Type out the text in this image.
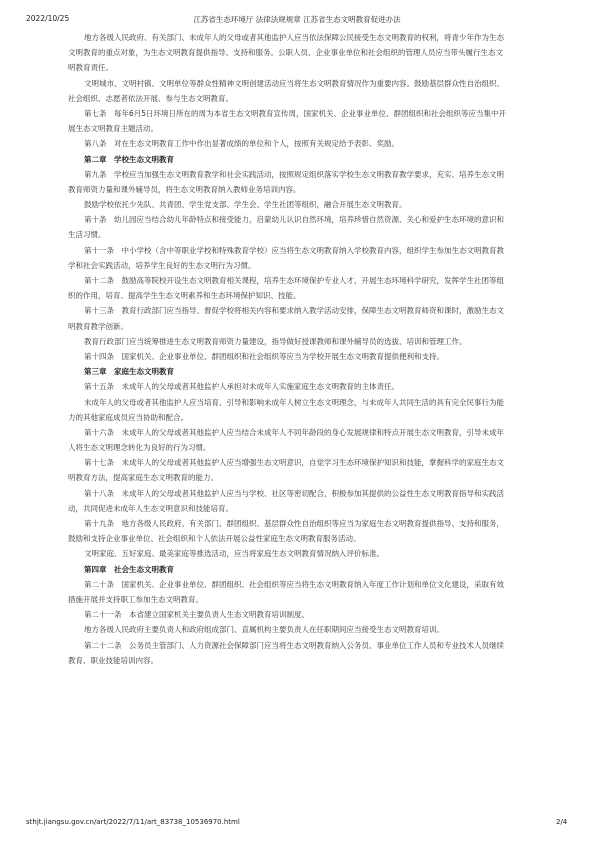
2022/10/25	江苏省生态环境厅 法律法规规章 江苏省生态文明教育促进办法
地方各级人民政府、有关部门、未成年人的父母或者其他监护人应当依法保障公民接受生态文明教育的权利，将青少年作为生态
文明教育的重点对象，为生态文明教育提供指导、支持和服务。公职人员、企业事业单位和社会组织的管理人员应当带头履行生态文
明教育责任。
文明城市、文明村镇、文明单位等群众性精神文明创建活动应当将生态文明教育情况作为重要内容。鼓励基层群众性自治组织、
社会组织、志愿者依法开展、参与生态文明教育。
第七条　每年6月5日环境日所在的周为本省生态文明教育宣传周，国家机关、企业事业单位、群团组织和社会组织等应当集中开
展生态文明教育主题活动。
第八条　对在生态文明教育工作中作出显著成绩的单位和个人，按照有关规定给予表彰、奖励。
第二章　学校生态文明教育
第九条　学校应当加强生态文明教育教学和社会实践活动，按照规定组织落实学校生态文明教育教学要求，充实、培养生态文明
教育师资力量和课外辅导员，将生态文明教育纳入教师业务培训内容。
鼓励学校依托少先队、共青团、学生党支部、学生会、学生社团等组织，融合开展生态文明教育。
第十条　幼儿园应当结合幼儿年龄特点和接受能力，启蒙幼儿认识自然环境，培养珍惜自然资源、关心和爱护生态环境的意识和
生活习惯。
第十一条　中小学校（含中等职业学校和特殊教育学校）应当将生态文明教育纳入学校教育内容，组织学生参加生态文明教育教
学和社会实践活动，培养学生良好的生态文明行为习惯。
第十二条　鼓励高等院校开设生态文明教育相关课程，培养生态环境保护专业人才，开展生态环境科学研究，发挥学生社团等组
织的作用，培育、提高学生生态文明素养和生态环境保护知识、技能。
第十三条　教育行政部门应当指导、督促学校将相关内容和要求纳入教学活动安排，保障生态文明教育师资和课时，激励生态文
明教育教学创新。
教育行政部门应当统筹推进生态文明教育师资力量建设，指导做好授课教师和课外辅导员的选拔、培训和管理工作。
第十四条　国家机关、企业事业单位、群团组织和社会组织等应当为学校开展生态文明教育提供便利和支持。
第三章　家庭生态文明教育
第十五条　未成年人的父母或者其他监护人承担对未成年人实施家庭生态文明教育的主体责任。
未成年人的父母或者其他监护人应当培育、引导和影响未成年人树立生态文明理念，与未成年人共同生活的具有完全民事行为能
力的其他家庭成员应当协助和配合。
第十六条　未成年人的父母或者其他监护人应当结合未成年人不同年龄段的身心发展规律和特点开展生态文明教育，引导未成年
人将生态文明理念转化为良好的行为习惯。
第十七条　未成年人的父母或者其他监护人应当增强生态文明意识，自觉学习生态环境保护知识和技能，掌握科学的家庭生态文
明教育方法，提高家庭生态文明教育的能力。
第十八条　未成年人的父母或者其他监护人应当与学校、社区等密切配合，积极参加其提供的公益性生态文明教育指导和实践活
动，共同促进未成年人生态文明意识和技能培育。
第十九条　地方各级人民政府、有关部门、群团组织、基层群众性自治组织等应当为家庭生态文明教育提供指导、支持和服务，
鼓励和支持企业事业单位、社会组织和个人依法开展公益性家庭生态文明教育服务活动。
文明家庭、五好家庭、最美家庭等推选活动，应当将家庭生态文明教育情况纳入评价标准。
第四章　社会生态文明教育
第二十条　国家机关、企业事业单位、群团组织、社会组织等应当将生态文明教育纳入年度工作计划和单位文化建设，采取有效
措施开展并支持职工参加生态文明教育。
第二十一条　本省建立国家机关主要负责人生态文明教育培训制度。
地方各级人民政府主要负责人和政府组成部门、直属机构主要负责人在任职期间应当接受生态文明教育培训。
第二十二条　公务员主管部门、人力资源社会保障部门应当将生态文明教育纳入公务员、事业单位工作人员和专业技术人员继续
教育、职业技能培训内容。
sthjt.jiangsu.gov.cn/art/2022/7/11/art_83738_10536970.html	2/4
